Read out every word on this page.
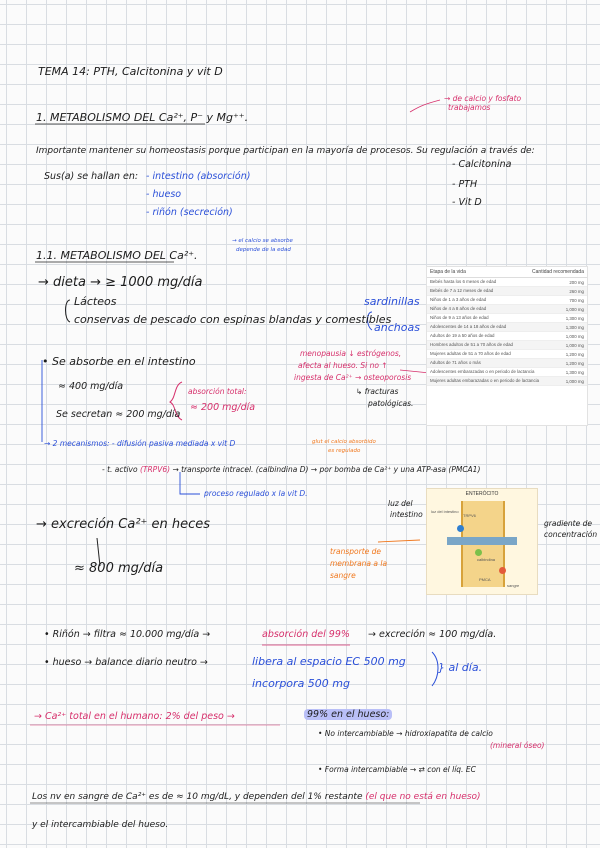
TEMA 14: PTH, Calcitonina y vit D
1. METABOLISMO DEL Ca²⁺, P⁻ y Mg⁺⁺.
→ de calcio y fosfato
trabajamos
Importante mantener su homeostasis porque participan en la mayoría de procesos. Su regulación a través de:
- Calcitonina
- PTH
- Vit D
Sus(a) se hallan en: - intestino (absorción)
- hueso
- riñón (secreción)
1.1. METABOLISMO DEL Ca²⁺.
→ el calcio se absorbe
depende de la edad
→ dieta → ≥ 1000 mg/día
Lácteos
conservas de pescado con espinas blandas y comestibles
sardinillas
anchoas
Etapa de la vida	Cantidad recomendada
Bebés hasta los 6 meses de edad	200 mg
Bebés de 7 a 12 meses de edad	260 mg
Niños de 1 a 3 años de edad	700 mg
Niños de 4 a 8 años de edad	1,000 mg
Niños de 9 a 13 años de edad	1,300 mg
Adolescentes de 14 a 18 años de edad	1,300 mg
Adultos de 19 a 50 años de edad	1,000 mg
Hombres adultos de 51 a 70 años de edad	1,000 mg
Mujeres adultas de 51 a 70 años de edad	1,200 mg
Adultos de 71 años o más	1,200 mg
Adolescentes embarazadas o en periodo de lactancia	1,300 mg
Mujeres adultas embarazadas o en periodo de lactancia	1,000 mg
• Se absorbe en el intestino
≈ 400 mg/día
Se secretan ≈ 200 mg/día
absorción total:
≈ 200 mg/día
menopausia ↓ estrógenos,
afecta al hueso. Si no ↑
ingesta de Ca²⁺ → osteoporosis
↳ fracturas
patológicas.
→ 2 mecanismos: - difusión pasiva mediada x vit D	glut el calcio absorbido
es regulado
- t. activo (TRPV6) → transporte intracel. (calbindina D) → por bomba de Ca²⁺ y una ATP-asa (PMCA1)
proceso regulado x la vit D.	ENTERÓCITO
TRPV6
calbindina
PMCA
luz del intestino
sangre
luz del
intestino
gradiente de
concentración
transporte de
membrana a la
sangre
→ excreción Ca²⁺ en heces
≈ 800 mg/día
• Riñón → filtra ≈ 10.000 mg/día →	absorción del 99% → excreción ≈ 100 mg/día.
• hueso → balance diario neutro →	libera al espacio EC 500 mg
incorpora 500 mg
} al día.
→ Ca²⁺ total en el humano: 2% del peso →	99% en el hueso:
• No intercambiable → hidroxiapatita de calcio
(mineral óseo)
• Forma intercambiable → ⇄ con el líq. EC
Los nv en sangre de Ca²⁺ es de ≈ 10 mg/dL, y dependen del 1% restante (el que no está en hueso)
y el intercambiable del hueso.
